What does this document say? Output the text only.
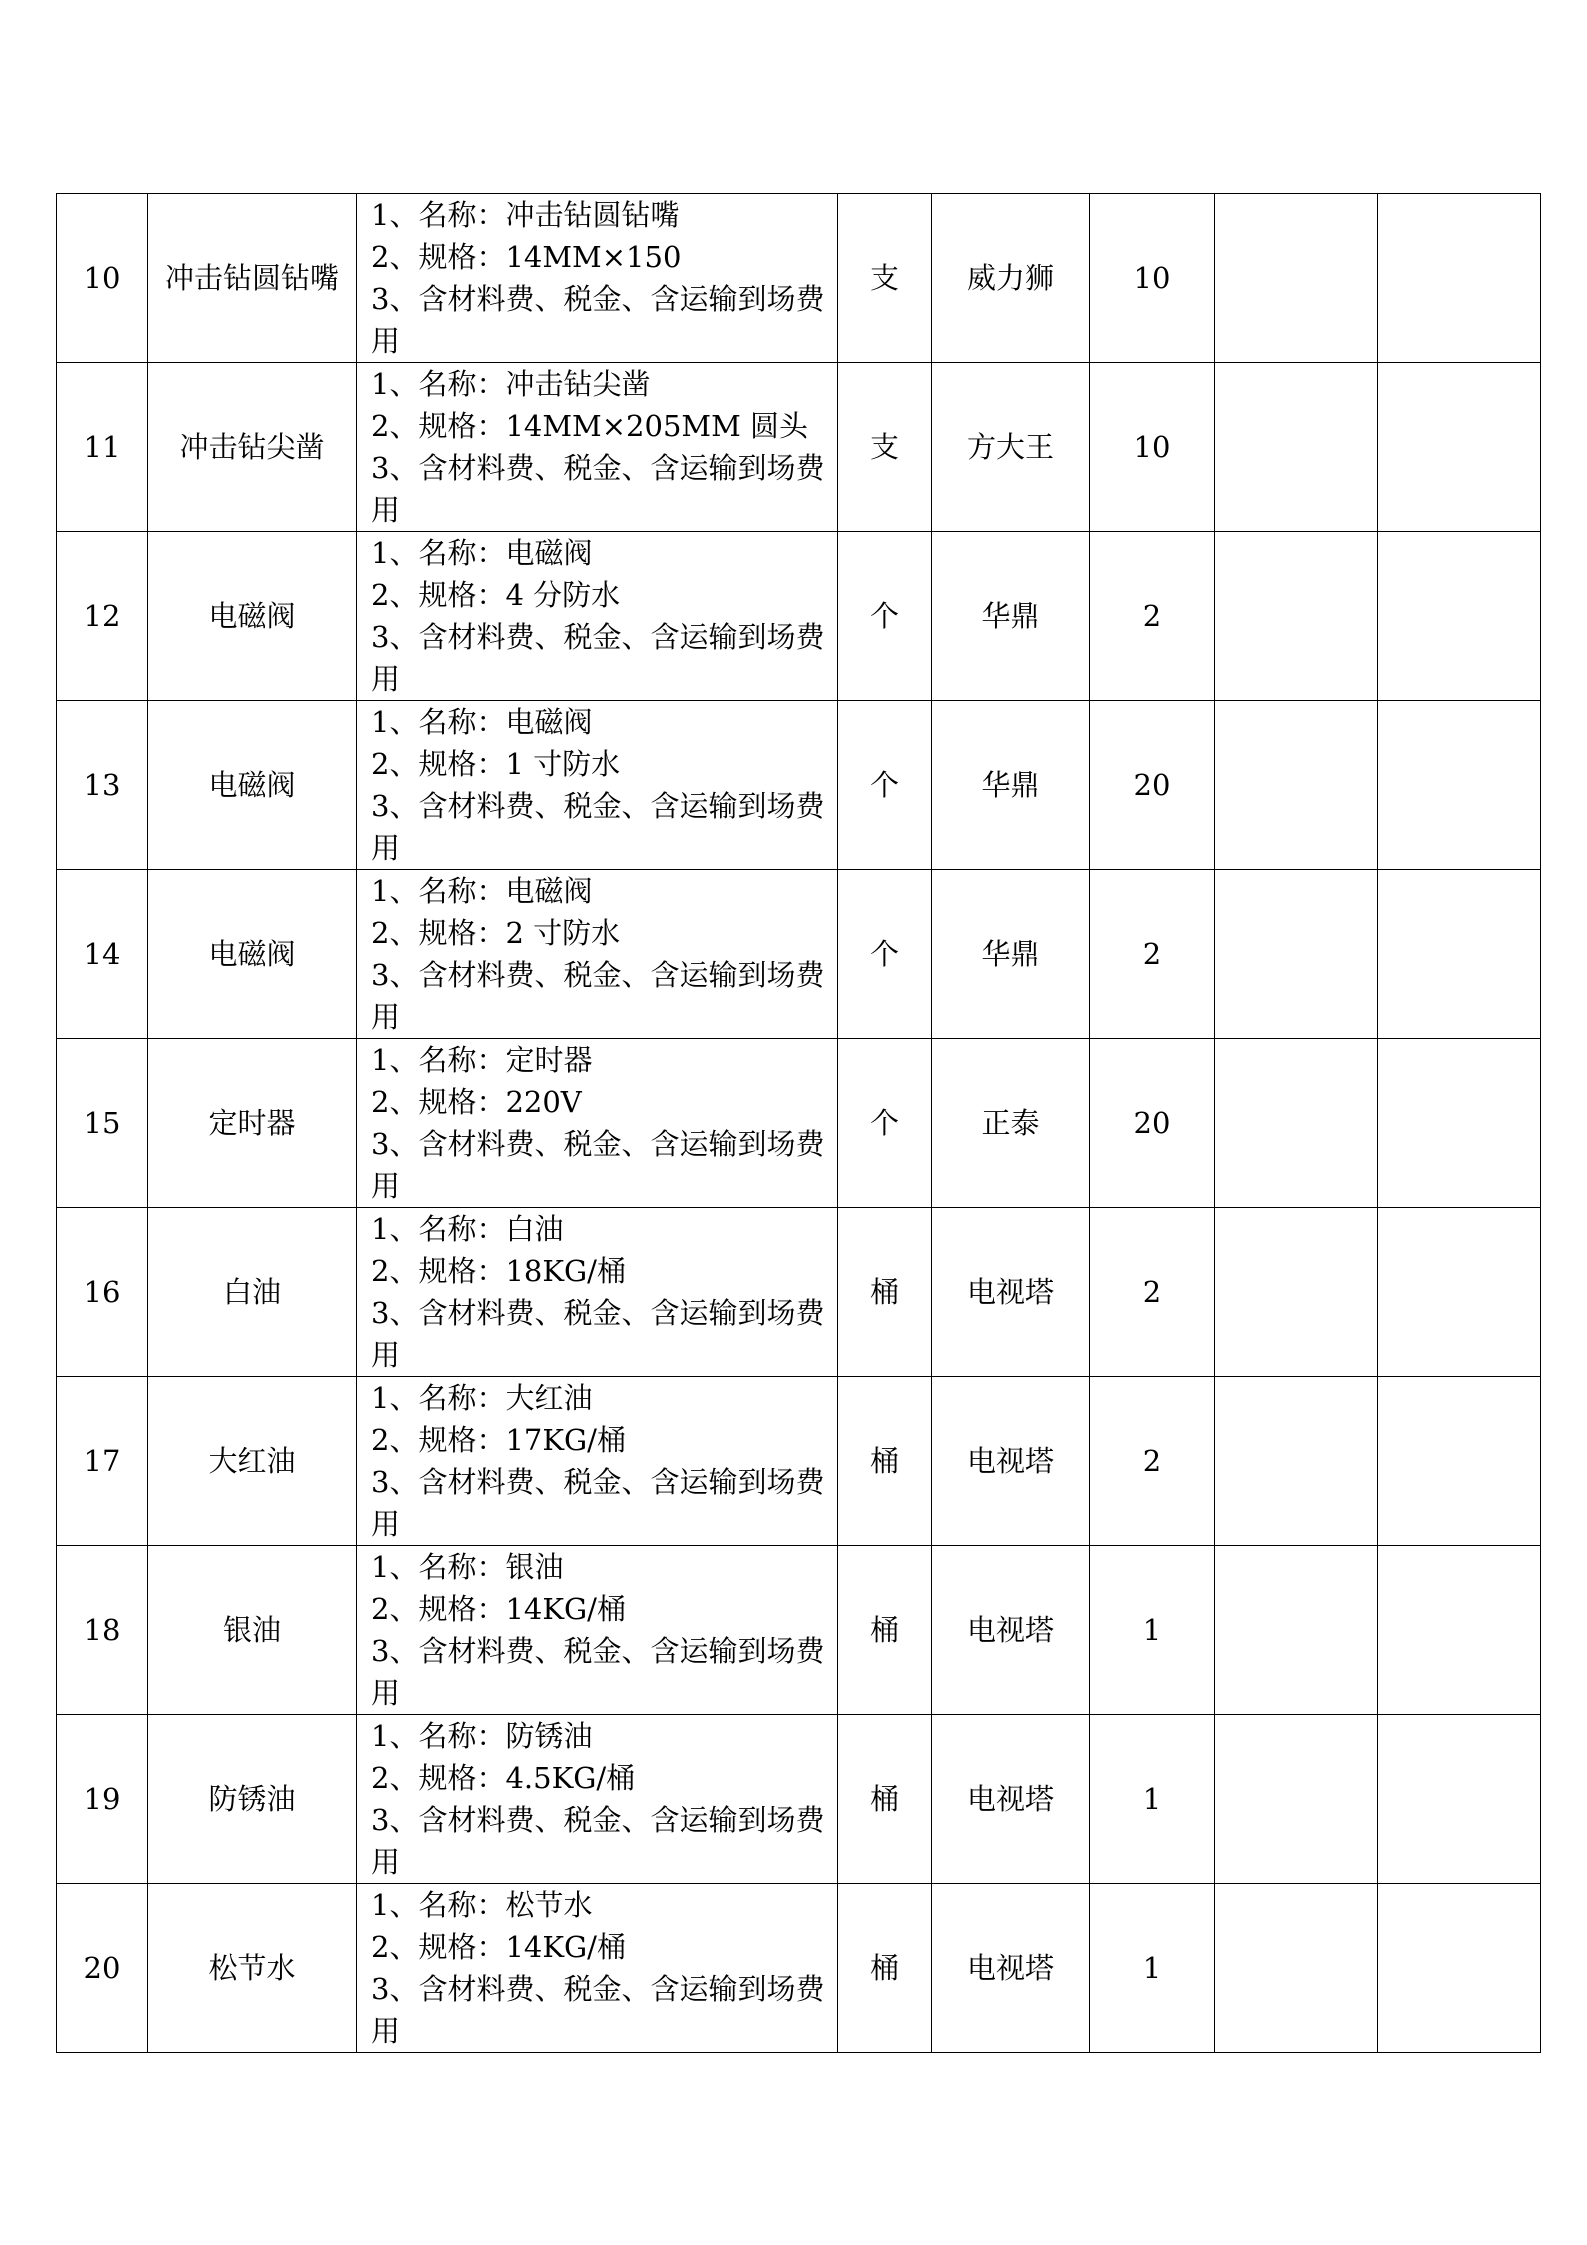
10	冲击钻圆钻嘴	1、名称：冲击钻圆钻嘴
2、规格：14MM×150
3、含材料费、税金、含运输到场费
用	支	威力狮	10		
11	冲击钻尖凿	1、名称：冲击钻尖凿
2、规格：14MM×205MM 圆头
3、含材料费、税金、含运输到场费
用	支	方大王	10		
12	电磁阀	1、名称：电磁阀
2、规格：4 分防水
3、含材料费、税金、含运输到场费
用	个	华鼎	2		
13	电磁阀	1、名称：电磁阀
2、规格：1 寸防水
3、含材料费、税金、含运输到场费
用	个	华鼎	20		
14	电磁阀	1、名称：电磁阀
2、规格：2 寸防水
3、含材料费、税金、含运输到场费
用	个	华鼎	2		
15	定时器	1、名称：定时器
2、规格：220V
3、含材料费、税金、含运输到场费
用	个	正泰	20		
16	白油	1、名称：白油
2、规格：18KG/桶
3、含材料费、税金、含运输到场费
用	桶	电视塔	2		
17	大红油	1、名称：大红油
2、规格：17KG/桶
3、含材料费、税金、含运输到场费
用	桶	电视塔	2		
18	银油	1、名称：银油
2、规格：14KG/桶
3、含材料费、税金、含运输到场费
用	桶	电视塔	1		
19	防锈油	1、名称：防锈油
2、规格：4.5KG/桶
3、含材料费、税金、含运输到场费
用	桶	电视塔	1		
20	松节水	1、名称：松节水
2、规格：14KG/桶
3、含材料费、税金、含运输到场费
用	桶	电视塔	1		
